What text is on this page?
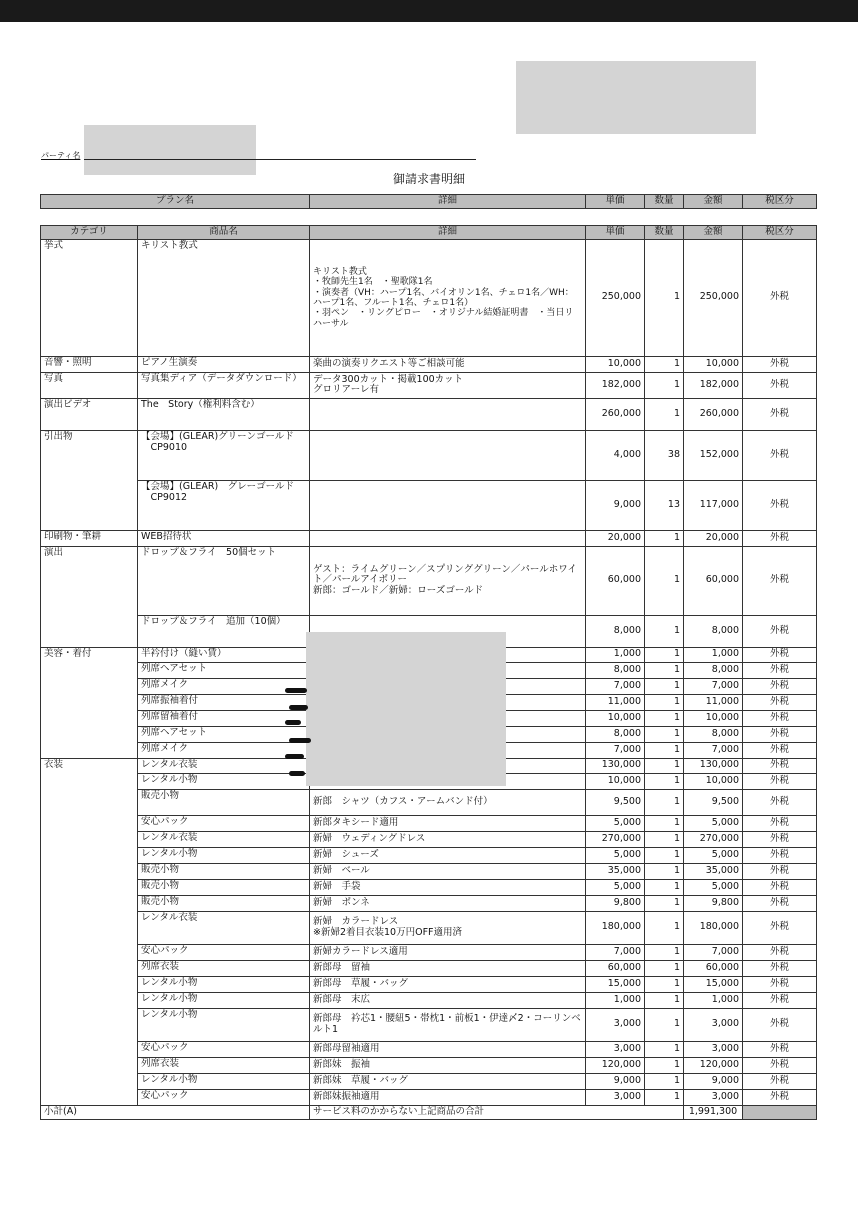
パーティ名
御請求書明細
プラン名	詳細	単価	数量	金額	税区分
カテゴリ	商品名	詳細	単価	数量	金額	税区分
挙式	キリスト教式	キリスト教式
・牧師先生1名　・聖歌隊1名
・演奏者（VH：ハープ1名、バイオリン1名、チェロ1名／WH：ハープ1名、フルート1名、チェロ1名）
・羽ペン　・リングピロー　・オリジナル結婚証明書　・当日リハーサル	250,000	1	250,000	外税
音響・照明	ピアノ生演奏	楽曲の演奏リクエスト等ご相談可能	10,000	1	10,000	外税
写真	写真集ディア（データダウンロード）	データ300カット・掲載100カット
グロリアーレ有	182,000	1	182,000	外税
演出ビデオ	The　Story（権利料含む）		260,000	1	260,000	外税
引出物	【会場】(GLEAR)グリーンゴールド
　CP9010		4,000	38	152,000	外税
	【会場】(GLEAR)　グレーゴールド
　CP9012		9,000	13	117,000	外税
印刷物・筆耕	WEB招待状		20,000	1	20,000	外税
演出	ドロップ＆フライ　50個セット	ゲスト：ライムグリーン／スプリンググリーン／パールホワイト／パールアイボリー
新郎：ゴールド／新婦：ローズゴールド	60,000	1	60,000	外税
	ドロップ＆フライ　追加（10個）		8,000	1	8,000	外税
美容・着付	半衿付け（縫い賃）		1,000	1	1,000	外税
	列席ヘアセット		8,000	1	8,000	外税
	列席メイク		7,000	1	7,000	外税
	列席振袖着付		11,000	1	11,000	外税
	列席留袖着付		10,000	1	10,000	外税
	列席ヘアセット		8,000	1	8,000	外税
	列席メイク		7,000	1	7,000	外税
衣装	レンタル衣装		130,000	1	130,000	外税
	レンタル小物		10,000	1	10,000	外税
	販売小物	新郎　シャツ（カフス・アームバンド付）	9,500	1	9,500	外税
	安心パック	新郎タキシード適用	5,000	1	5,000	外税
	レンタル衣装	新婦　ウェディングドレス	270,000	1	270,000	外税
	レンタル小物	新婦　シューズ	5,000	1	5,000	外税
	販売小物	新婦　ベール	35,000	1	35,000	外税
	販売小物	新婦　手袋	5,000	1	5,000	外税
	販売小物	新婦　ボンネ	9,800	1	9,800	外税
	レンタル衣装	新婦　カラードレス
※新婦2着目衣装10万円OFF適用済	180,000	1	180,000	外税
	安心パック	新婦カラードレス適用	7,000	1	7,000	外税
	列席衣装	新郎母　留袖	60,000	1	60,000	外税
	レンタル小物	新郎母　草履・バッグ	15,000	1	15,000	外税
	レンタル小物	新郎母　末広	1,000	1	1,000	外税
	レンタル小物	新郎母　衿芯1・腰紐5・帯枕1・前板1・伊達〆2・コーリンベルト1	3,000	1	3,000	外税
	安心パック	新郎母留袖適用	3,000	1	3,000	外税
	列席衣装	新郎妹　振袖	120,000	1	120,000	外税
	レンタル小物	新郎妹　草履・バッグ	9,000	1	9,000	外税
	安心パック	新郎妹振袖適用	3,000	1	3,000	外税
小計(A)		サービス料のかからない上記商品の合計			1,991,300	
